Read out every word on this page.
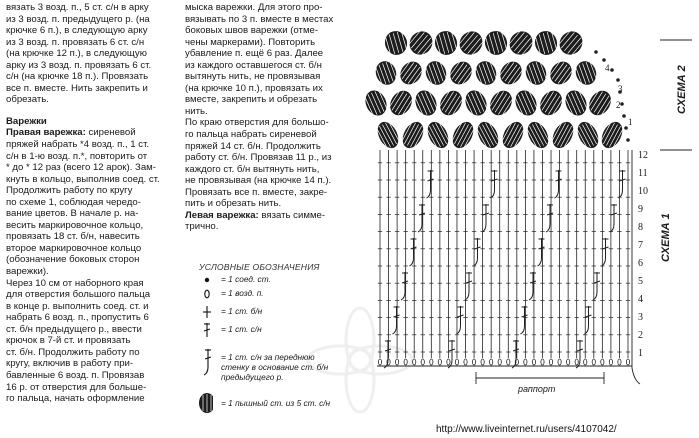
вязать 3 возд. п., 5 ст. с/н в арку

из 3 возд. п. предыдущего р. (на

крючке 6 п.), в следующую арку

из 3 возд. п. провязать 6 ст. с/н

(на крючке 12 п.), в следующую

арку из 3 возд. п. провязать 6 ст.

с/н (на крючке 18 п.). Провязать

все п. вместе. Нить закрепить и

обрезать.

Варежки

Правая варежка: сиреневой

пряжей набрать *4 возд. п., 1 ст.

с/н в 1-ю возд. п.*, повторить от

* до * 12 раз (всего 12 арок). Зам-

кнуть в кольцо, выполнив соед. ст.

Продолжить работу по кругу

по схеме 1, соблюдая чередо-

вание цветов. В начале р. на-

весить маркировочное кольцо,

провязать 18 ст. б/н, навесить

второе маркировочное кольцо

(обозначение боковых сторон

варежки).

Через 10 см от наборного края

для отверстия большого пальца

в конце р. выполнить соед. ст. и

набрать 6 возд. п., пропустить 6

ст. б/н предыдущего р., ввести

крючок в 7-й ст. и провязать

ст. б/н. Продолжить работу по

кругу, включив в работу при-

бавленные 6 возд. п. Провязав

16 р. от отверстия для больше-

го пальца, начать оформление

мыска варежки. Для этого про-

вязывать по 3 п. вместе в местах

боковых швов варежки (отме-

чены маркерами). Повторить

убавление п. ещё 6 раз. Далее

из каждого оставшегося ст. б/н

вытянуть нить, не провязывая

(на крючке 10 п.), провязать их

вместе, закрепить и обрезать

нить.

По краю отверстия для большо-

го пальца набрать сиреневой

пряжей 14 ст. б/н. Продолжить

работу ст. б/н. Провязав 11 р., из

каждого ст. б/н вытянуть нить,

не провязывая (на крючке 14 п.).

Провязать все п. вместе, закре-

пить и обрезать нить.

Левая варежка: вязать симме-

трично.

УСЛОВНЫЕ ОБОЗНАЧЕНИЯ
= 1 соед. ст.
= 1 возд. п.
= 1 ст. б/н
= 1 ст. с/н
= 1 ст. с/н за переднюю
стенку в основание ст. б/н
предыдущего р.
= 1 пышный ст. из 5 ст. с/н
раппорт
СХЕМА 2
СХЕМА 1
1
2
3
4
5
6
7
8
9
10
11
12
1
2
3
4
http://www.liveinternet.ru/users/4107042/
